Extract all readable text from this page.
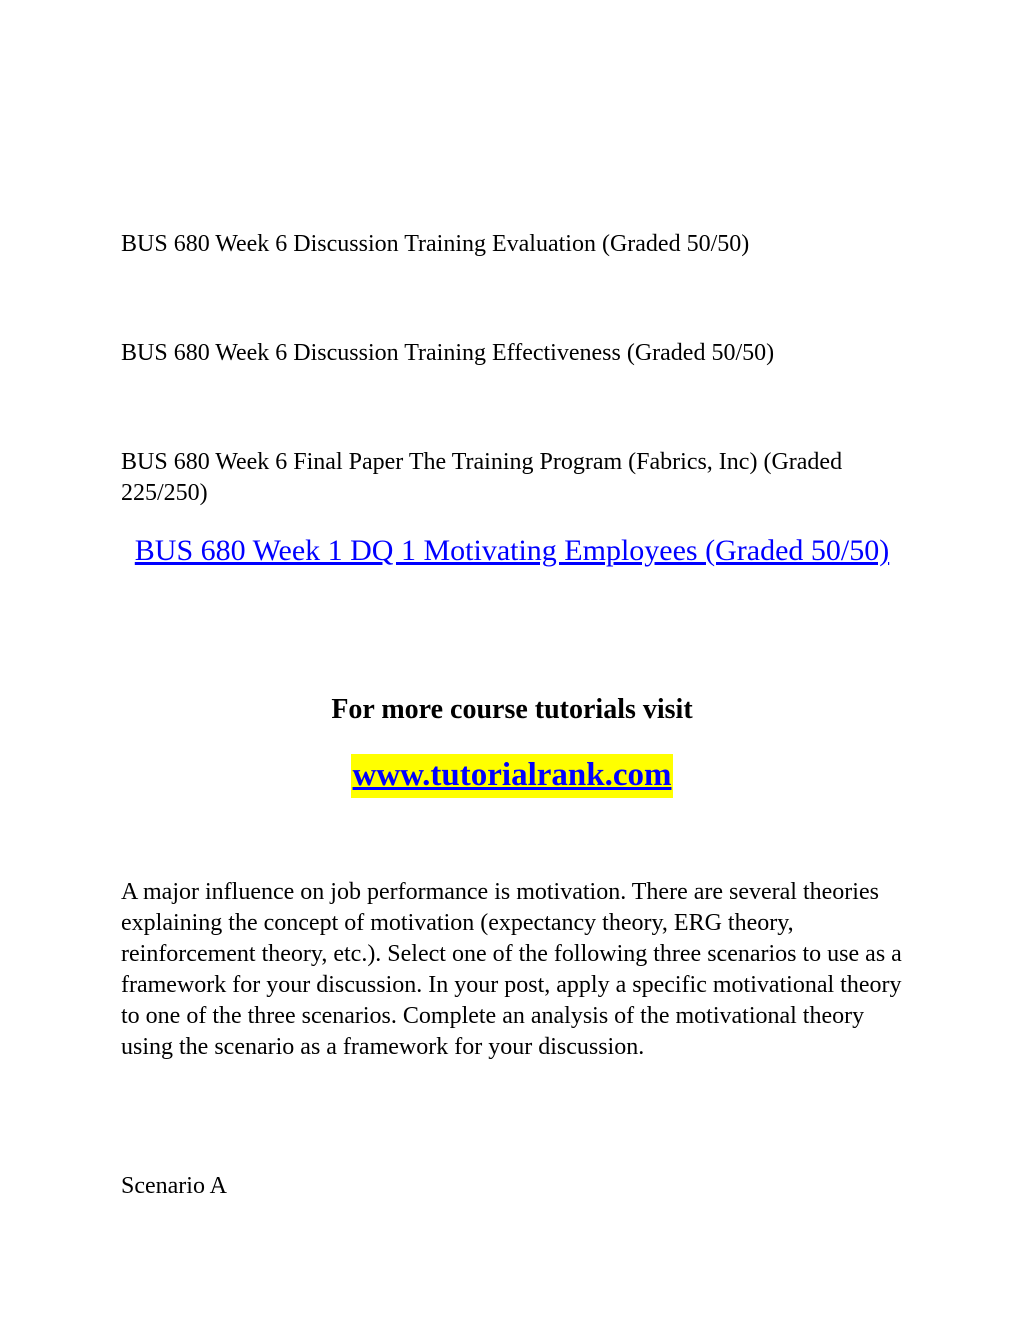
BUS 680 Week 6 Discussion Training Evaluation (Graded 50/50)

BUS 680 Week 6 Discussion Training Effectiveness (Graded 50/50)

BUS 680 Week 6 Final Paper The Training Program (Fabrics, Inc) (Graded 225/250)

BUS 680 Week 1 DQ 1 Motivating Employees (Graded 50/50)

For more course tutorials visit

www.tutorialrank.com

A major influence on job performance is motivation. There are several theories explaining the concept of motivation (expectancy theory, ERG theory, reinforcement theory, etc.). Select one of the following three scenarios to use as a framework for your discussion. In your post, apply a specific motivational theory to one of the three scenarios. Complete an analysis of the motivational theory using the scenario as a framework for your discussion.

Scenario A
